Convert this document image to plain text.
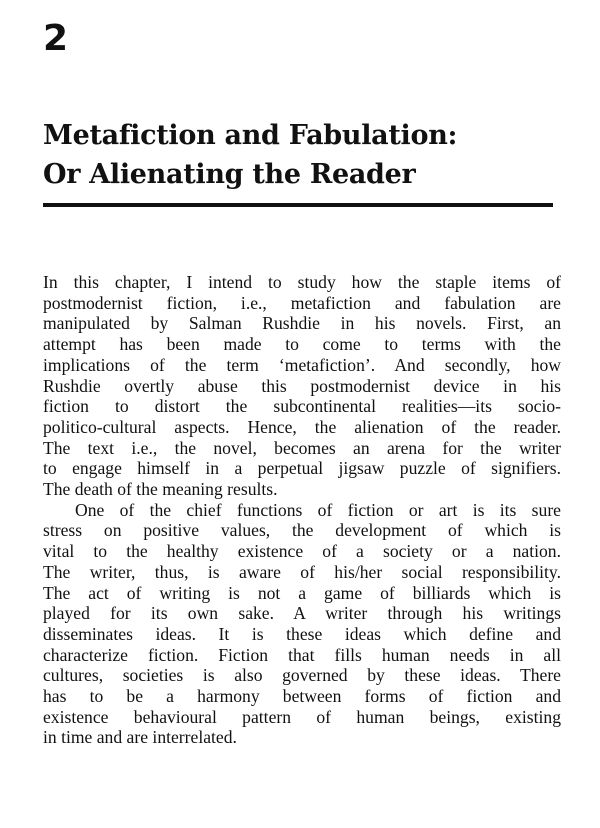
2
Metafiction and Fabulation:
Or Alienating the Reader

In this chapter, I intend to study how the staple items of
postmodernist fiction, i.e., metafiction and fabulation are
manipulated by Salman Rushdie in his novels. First, an
attempt has been made to come to terms with the
implications of the term ‘metafiction’. And secondly, how
Rushdie overtly abuse this postmodernist device in his
fiction to distort the subcontinental realities—its socio-
politico-cultural aspects. Hence, the alienation of the reader.
The text i.e., the novel, becomes an arena for the writer
to engage himself in a perpetual jigsaw puzzle of signifiers.
The death of the meaning results.

One of the chief functions of fiction or art is its sure
stress on positive values, the development of which is
vital to the healthy existence of a society or a nation.
The writer, thus, is aware of his/her social responsibility.
The act of writing is not a game of billiards which is
played for its own sake. A writer through his writings
disseminates ideas. It is these ideas which define and
characterize fiction. Fiction that fills human needs in all
cultures, societies is also governed by these ideas. There
has to be a harmony between forms of fiction and
existence behavioural pattern of human beings, existing
in time and are interrelated.
